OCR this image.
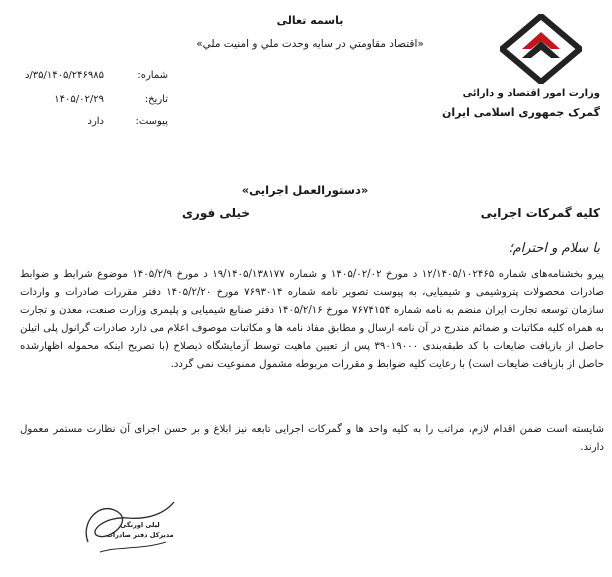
باسمه تعالی
«اقتصاد مقاومتي در سايه وحدت ملي و امنيت ملي»
وزارت امور اقتصاد و دارائی
گمرک جمهوری اسلامی ایران
شماره:
۳۵/۱۴۰۵/۲۴۶۹۸۵/د
تاریخ:
۱۴۰۵/۰۲/۲۹
پیوست:
دارد
«دستورالعمل اجرایی»
کلیه گمرکات اجرایی
خیلی فوری
با سلام و احترام؛
پیرو بخشنامه‌های شماره ۱۲/۱۴۰۵/۱۰۲۴۶۵ د مورخ ۱۴۰۵/۰۲/۰۲ و شماره ۱۹/۱۴۰۵/۱۳۸۱۷۷ د مورخ ۱۴۰۵/۲/۹ موضوع شرایط و ضوابط صادرات محصولات پتروشیمی و شیمیایی، به پیوست تصویر نامه شماره ۷۶۹۳۰۱۴ مورخ ۱۴۰۵/۲/۲۰ دفتر مقررات صادرات و واردات سازمان توسعه تجارت ایران منضم به نامه شماره ۷۶۷۴۱۵۴ مورخ ۱۴۰۵/۲/۱۶ دفتر صنایع شیمیایی و پلیمری وزارت صنعت، معدن و تجارت به همراه کلیه مکاتبات و ضمائم مندرج در آن نامه ارسال و مطابق مفاد نامه ها و مکاتبات موصوف اعلام می دارد صادرات گرانول پلی اتیلن حاصل از بازیافت ضایعات با کد طبقه‌بندی ۳۹۰۱۹۰۰۰ پس از تعیین ماهیت توسط آزمایشگاه ذیصلاح (با تصریح اینکه محموله اظهارشده حاصل از بازیافت ضایعات است) با رعایت کلیه ضوابط و مقررات مربوطه مشمول ممنوعیت نمی گردد.
شایسته است ضمن اقدام لازم، مراتب را به کلیه واحد ها و گمرکات اجرایی تابعه نیز ابلاغ و بر حسن اجرای آن نظارت مستمر معمول دارند.
لیلی اورنگی
مدیرکل دفتر صادرات
